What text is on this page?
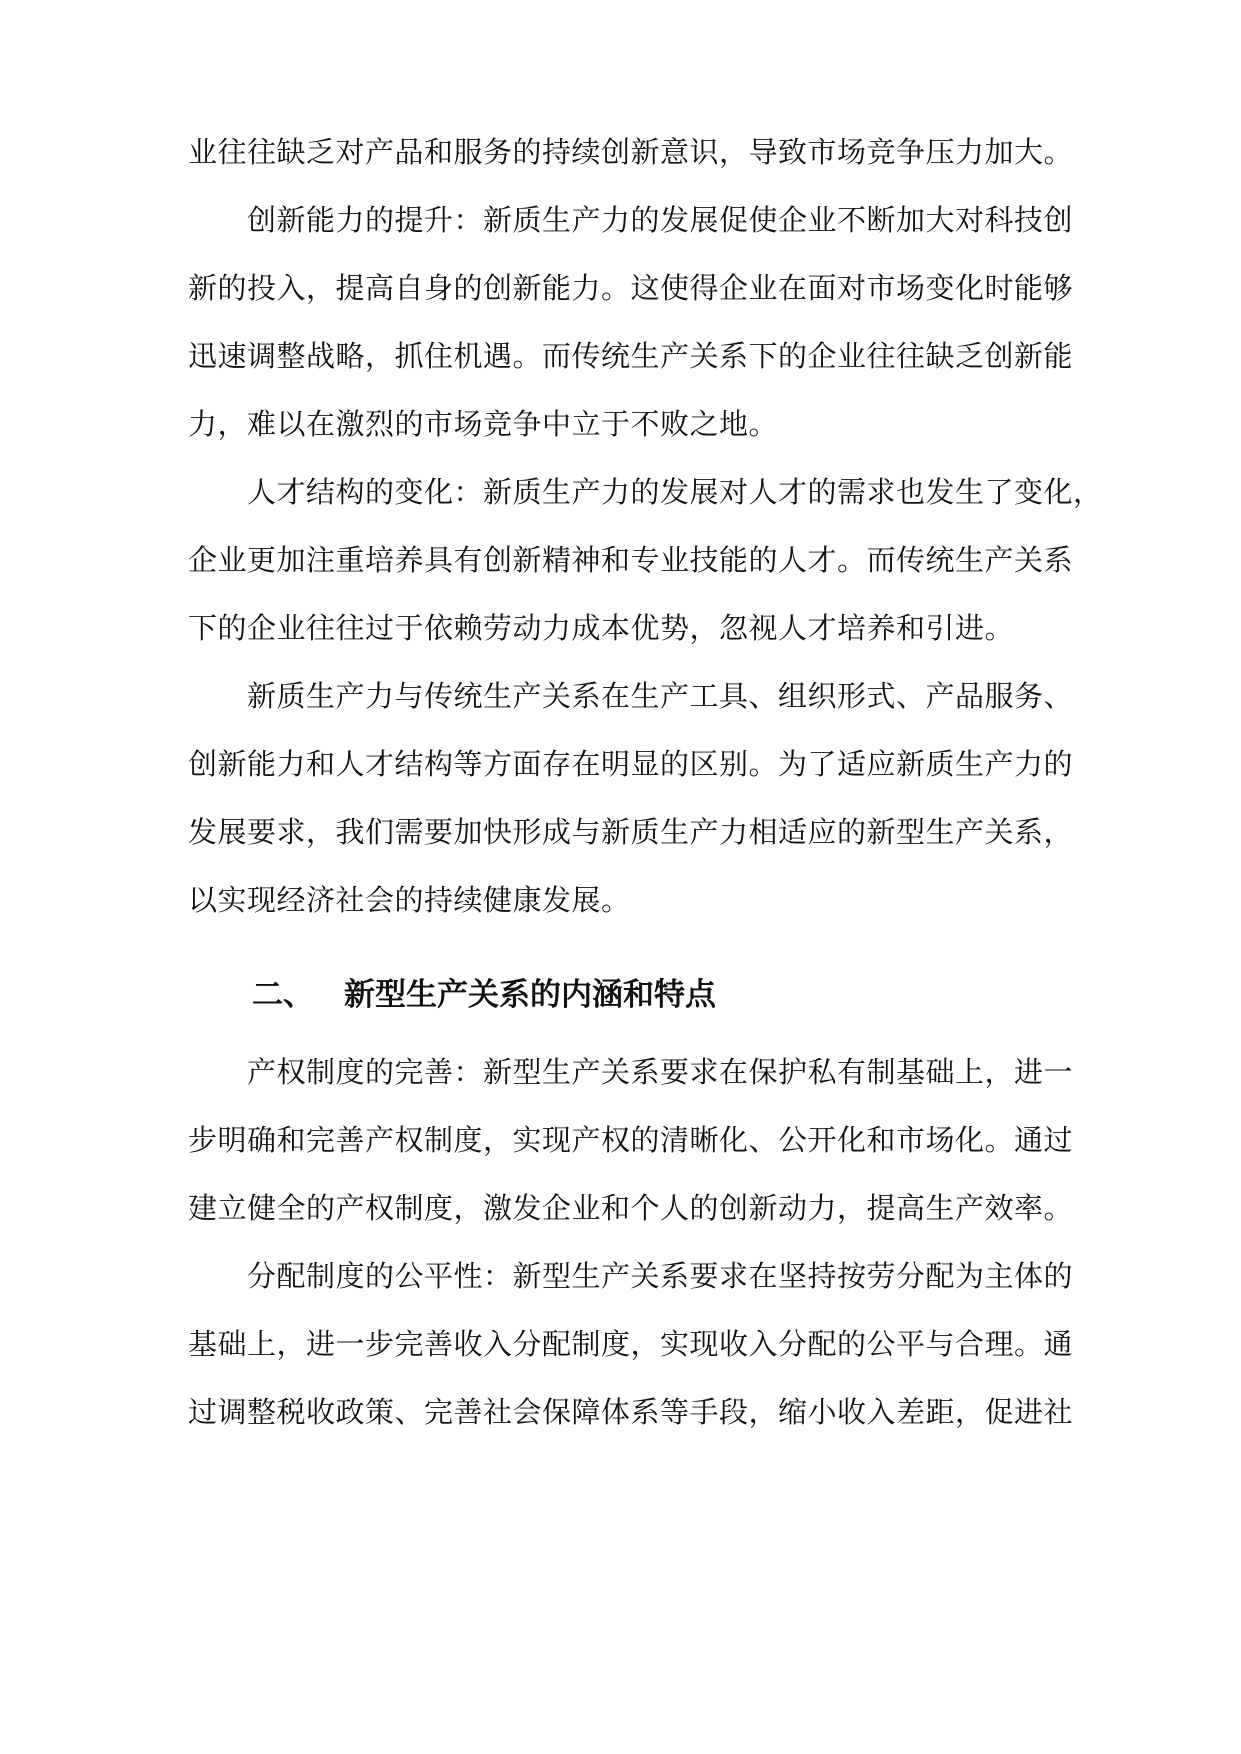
业往往缺乏对产品和服务的持续创新意识，导致市场竞争压力加大。
创新能力的提升：新质生产力的发展促使企业不断加大对科技创
新的投入，提高自身的创新能力。这使得企业在面对市场变化时能够
迅速调整战略，抓住机遇。而传统生产关系下的企业往往缺乏创新能
力，难以在激烈的市场竞争中立于不败之地。
人才结构的变化：新质生产力的发展对人才的需求也发生了变化，
企业更加注重培养具有创新精神和专业技能的人才。而传统生产关系
下的企业往往过于依赖劳动力成本优势，忽视人才培养和引进。
新质生产力与传统生产关系在生产工具、组织形式、产品服务、
创新能力和人才结构等方面存在明显的区别。为了适应新质生产力的
发展要求，我们需要加快形成与新质生产力相适应的新型生产关系，
以实现经济社会的持续健康发展。
二、 新型生产关系的内涵和特点
产权制度的完善：新型生产关系要求在保护私有制基础上，进一
步明确和完善产权制度，实现产权的清晰化、公开化和市场化。通过
建立健全的产权制度，激发企业和个人的创新动力，提高生产效率。
分配制度的公平性：新型生产关系要求在坚持按劳分配为主体的
基础上，进一步完善收入分配制度，实现收入分配的公平与合理。通
过调整税收政策、完善社会保障体系等手段，缩小收入差距，促进社
